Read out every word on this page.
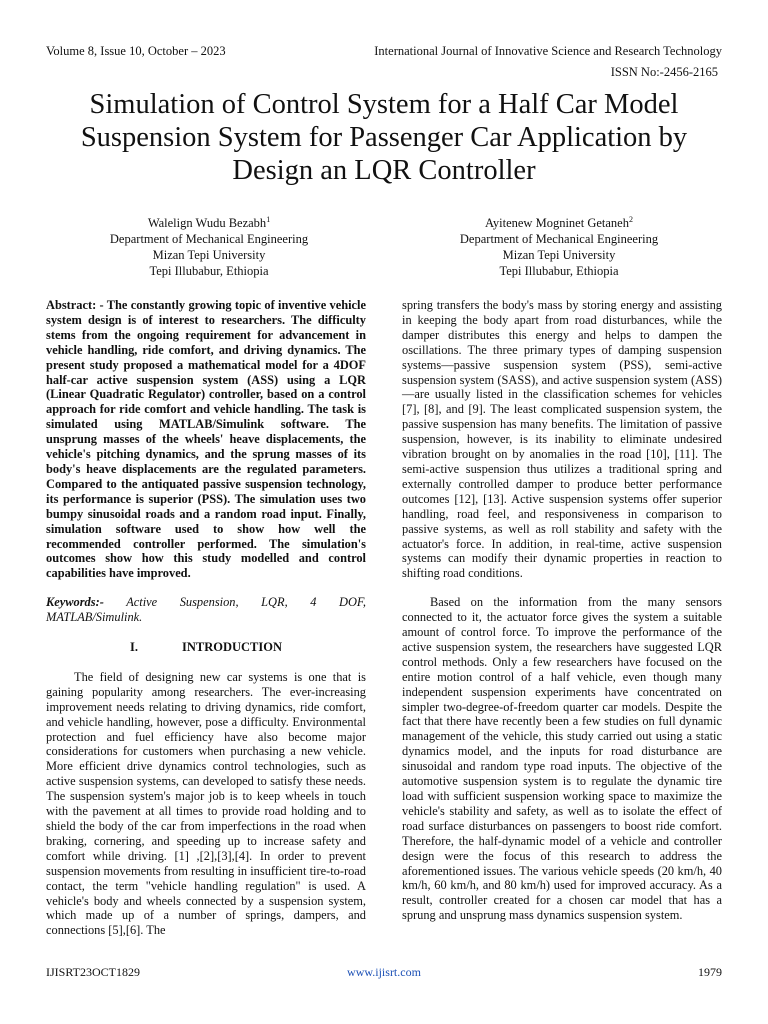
Volume 8, Issue 10, October – 2023	International Journal of Innovative Science and Research Technology
ISSN No:-2456-2165
Simulation of Control System for a Half Car Model Suspension System for Passenger Car Application by Design an LQR Controller
Walelign Wudu Bezabh$^1$
Department of Mechanical Engineering
Mizan Tepi University
Tepi Illubabur, Ethiopia
Ayitenew Mogninet Getaneh$^2$
Department of Mechanical Engineering
Mizan Tepi University
Tepi Illubabur, Ethiopia

Abstract: - The constantly growing topic of inventive vehicle system design is of interest to researchers. The difficulty stems from the ongoing requirement for advancement in vehicle handling, ride comfort, and driving dynamics. The present study proposed a mathematical model for a 4DOF half-car active suspension system (ASS) using a LQR (Linear Quadratic Regulator) controller, based on a control approach for ride comfort and vehicle handling. The task is simulated using MATLAB/Simulink software. The unsprung masses of the wheels' heave displacements, the vehicle's pitching dynamics, and the sprung masses of its body's heave displacements are the regulated parameters. Compared to the antiquated passive suspension technology, its performance is superior (PSS). The simulation uses two bumpy sinusoidal roads and a random road input. Finally, simulation software used to show how well the recommended controller performed. The simulation's outcomes show how this study modelled and control capabilities have improved.

Keywords:- Active Suspension, LQR, 4 DOF, MATLAB/Simulink.

I.	INTRODUCTION

The field of designing new car systems is one that is gaining popularity among researchers. The ever-increasing improvement needs relating to driving dynamics, ride comfort, and vehicle handling, however, pose a difficulty. Environmental protection and fuel efficiency have also become major considerations for customers when purchasing a new vehicle. More efficient drive dynamics control technologies, such as active suspension systems, can developed to satisfy these needs. The suspension system's major job is to keep wheels in touch with the pavement at all times to provide road holding and to shield the body of the car from imperfections in the road when braking, cornering, and speeding up to increase safety and comfort while driving. [1] ,[2],[3],[4]. In order to prevent suspension movements from resulting in insufficient tire-to-road contact, the term "vehicle handling regulation" is used. A vehicle's body and wheels connected by a suspension system, which made up of a number of springs, dampers, and connections [5],[6]. The

spring transfers the body's mass by storing energy and assisting in keeping the body apart from road disturbances, while the damper distributes this energy and helps to dampen the oscillations. The three primary types of damping suspension systems—passive suspension system (PSS), semi-active suspension system (SASS), and active suspension system (ASS)—are usually listed in the classification schemes for vehicles [7], [8], and [9]. The least complicated suspension system, the passive suspension has many benefits. The limitation of passive suspension, however, is its inability to eliminate undesired vibration brought on by anomalies in the road [10], [11]. The semi-active suspension thus utilizes a traditional spring and externally controlled damper to produce better performance outcomes [12], [13]. Active suspension systems offer superior handling, road feel, and responsiveness in comparison to passive systems, as well as roll stability and safety with the actuator's force. In addition, in real-time, active suspension systems can modify their dynamic properties in reaction to shifting road conditions.

Based on the information from the many sensors connected to it, the actuator force gives the system a suitable amount of control force. To improve the performance of the active suspension system, the researchers have suggested LQR control methods. Only a few researchers have focused on the entire motion control of a half vehicle, even though many independent suspension experiments have concentrated on simpler two-degree-of-freedom quarter car models. Despite the fact that there have recently been a few studies on full dynamic management of the vehicle, this study carried out using a static dynamics model, and the inputs for road disturbance are sinusoidal and random type road inputs. The objective of the automotive suspension system is to regulate the dynamic tire load with sufficient suspension working space to maximize the vehicle's stability and safety, as well as to isolate the effect of road surface disturbances on passengers to boost ride comfort. Therefore, the half-dynamic model of a vehicle and controller design were the focus of this research to address the aforementioned issues. The various vehicle speeds (20 km/h, 40 km/h, 60 km/h, and 80 km/h) used for improved accuracy. As a result, controller created for a chosen car model that has a sprung and unsprung mass dynamics suspension system.

IJISRT23OCT1829	www.ijisrt.com	1979
